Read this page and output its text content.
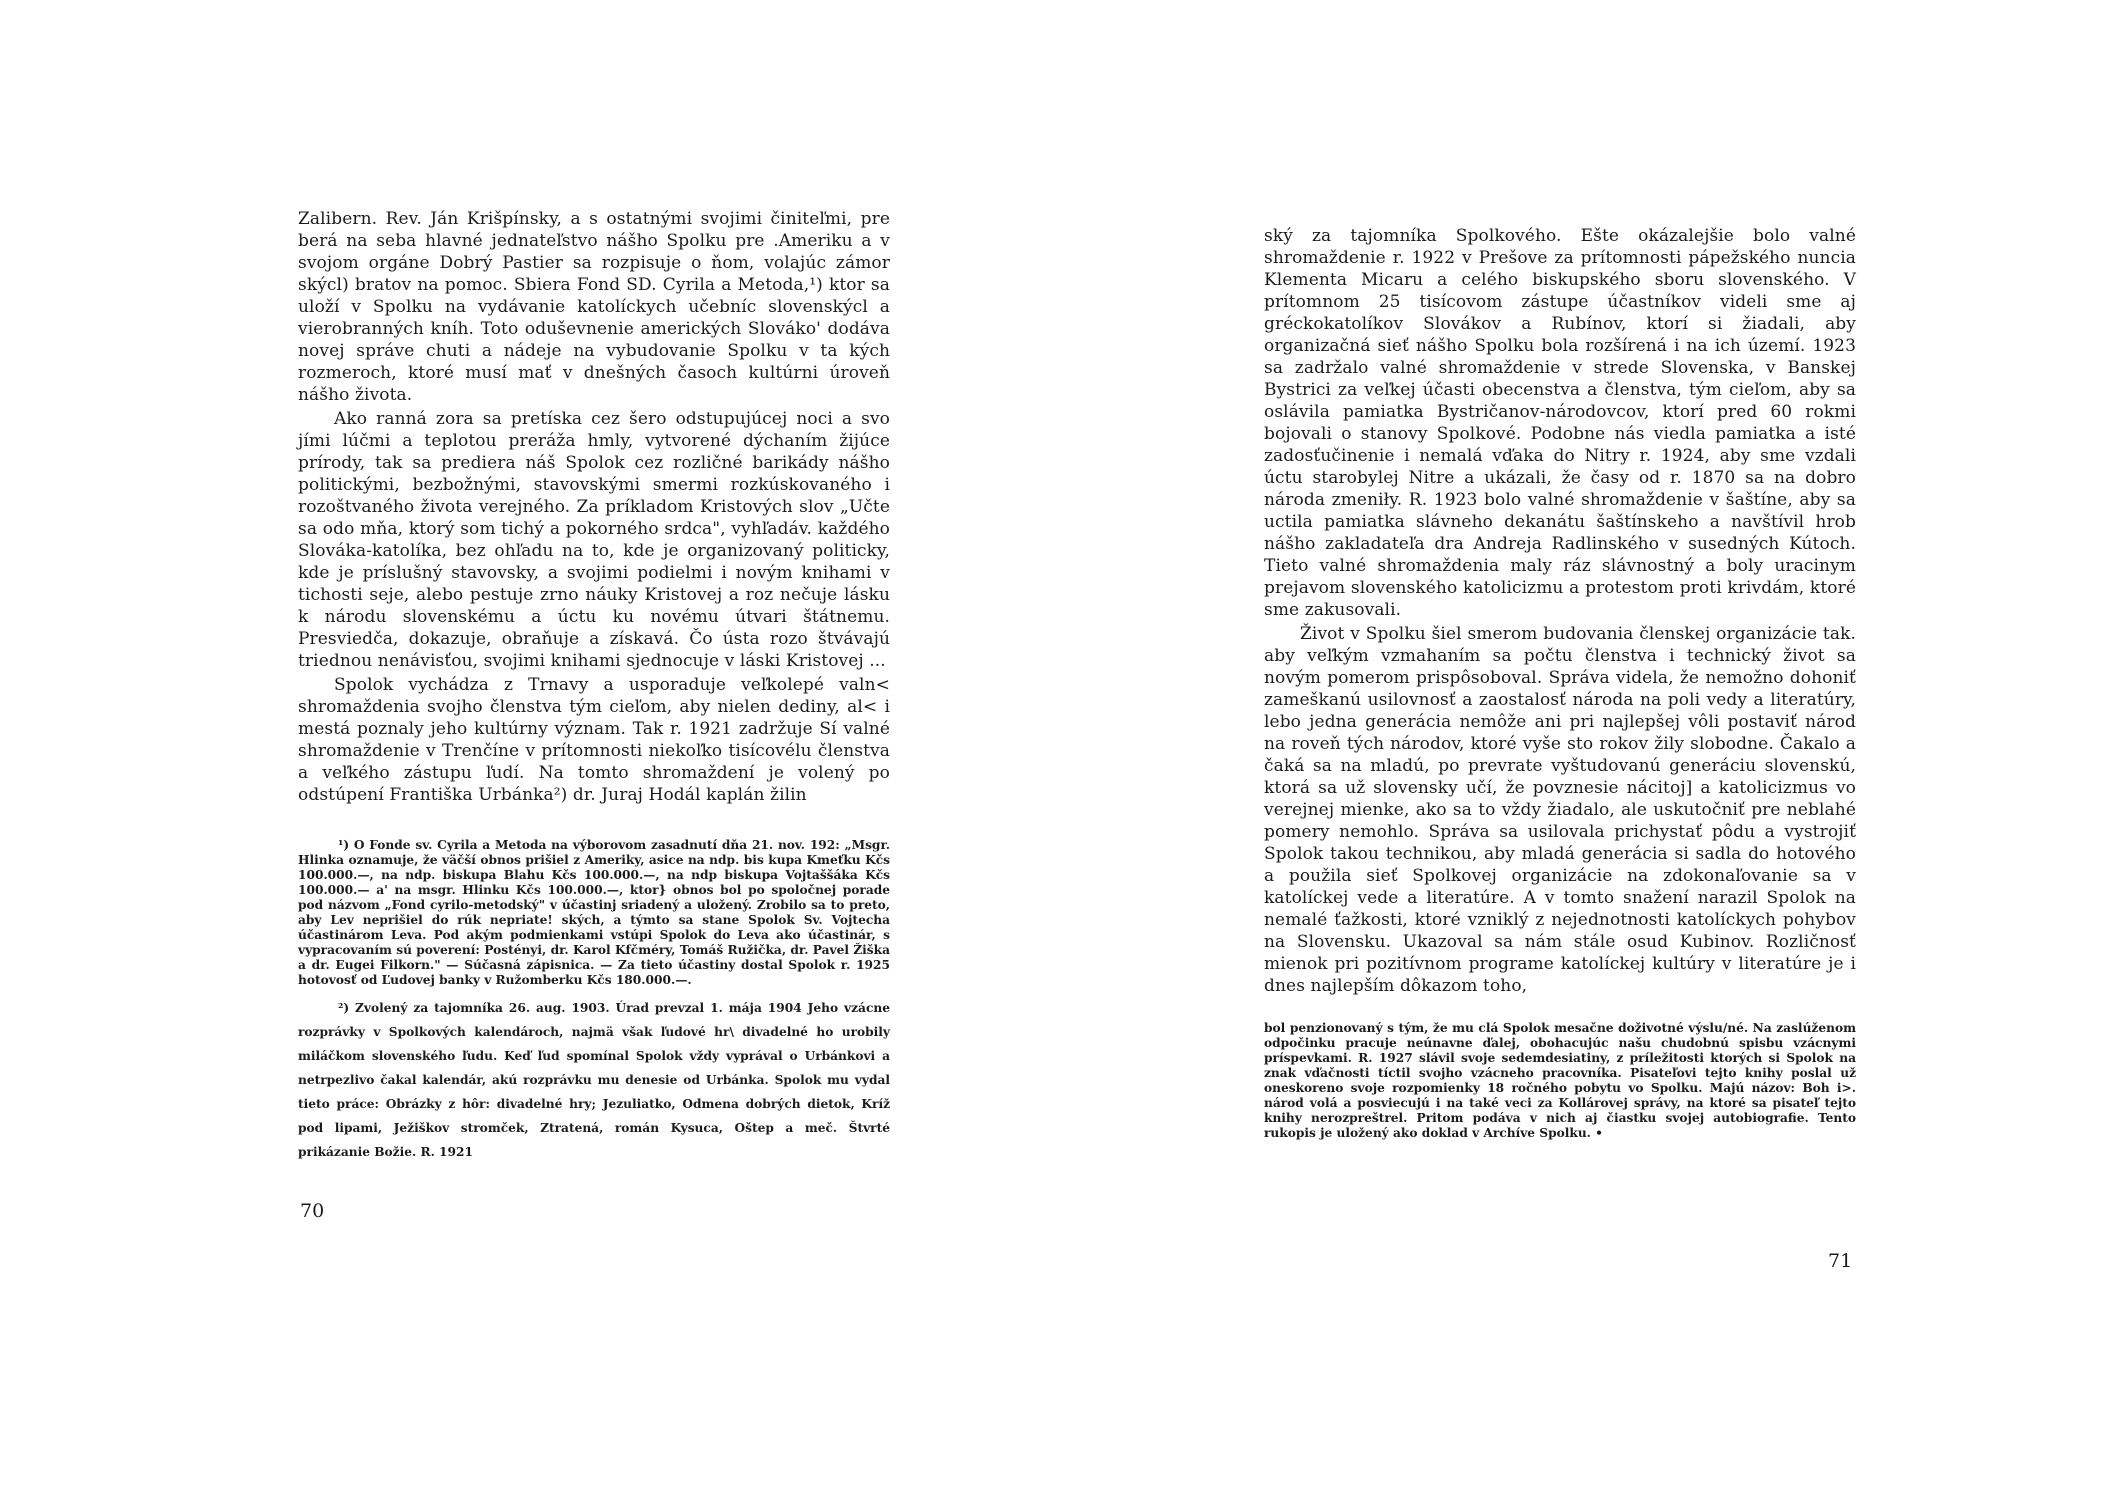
Zalibern. Rev. Ján Krišpínsky, a s ostatnými svojimi činiteľmi, pre berá na seba hlavné jednateľstvo nášho Spolku pre .Ameriku a v svojom orgáne Dobrý Pastier sa rozpisuje o ňom, volajúc zámor skýcl) bratov na pomoc. Sbiera Fond SD. Cyrila a Metoda,¹) ktor sa uloží v Spolku na vydávanie katolíckych učebníc slovenskýcl a vierobranných kníh. Toto oduševnenie amerických Slováko' dodáva novej správe chuti a nádeje na vybudovanie Spolku v ta kých rozmeroch, ktoré musí mať v dnešných časoch kultúrni úroveň nášho života.

Ako ranná zora sa pretíska cez šero odstupujúcej noci a svo jími lúčmi a teplotou preráža hmly, vytvorené dýchaním žijúce prírody, tak sa prediera náš Spolok cez rozličné barikády nášho politickými, bezbožnými, stavovskými smermi rozkúskovaného i rozoštvaného života verejného. Za príkladom Kristových slov „Učte sa odo mňa, ktorý som tichý a pokorného srdca", vyhľadáv. každého Slováka-katolíka, bez ohľadu na to, kde je organizovaný politicky, kde je príslušný stavovsky, a svojimi podielmi i novým knihami v tichosti seje, alebo pestuje zrno náuky Kristovej a roz nečuje lásku k národu slovenskému a úctu ku novému útvari štátnemu. Presviedča, dokazuje, obraňuje a získavá. Čo ústa rozo štvávajú triednou nenávisťou, svojimi knihami sjednocuje v láski Kristovej ...

Spolok vychádza z Trnavy a usporaduje veľkolepé valn< shromaždenia svojho členstva tým cieľom, aby nielen dediny, al< i mestá poznaly jeho kultúrny význam. Tak r. 1921 zadržuje Sí valné shromaždenie v Trenčíne v prítomnosti niekoľko tisícovélu členstva a veľkého zástupu ľudí. Na tomto shromaždení je volený po odstúpení Františka Urbánka²) dr. Juraj Hodál kaplán žilin

¹) O Fonde sv. Cyrila a Metoda na výborovom zasadnutí dňa 21. nov. 192: „Msgr. Hlinka oznamuje, že väčší obnos prišiel z Ameriky, asice na ndp. bis kupa Kmeťku Kčs 100.000.—, na ndp. biskupa Blahu Kčs 100.000.—, na ndp biskupa Vojtaššáka Kčs 100.000.— a' na msgr. Hlinku Kčs 100.000.—, ktor} obnos bol po spoločnej porade pod názvom „Fond cyrilo-metodský" v účastinj sriadený a uložený. Zrobilo sa to preto, aby Lev neprišiel do rúk nepriate! ských, a týmto sa stane Spolok Sv. Vojtecha účastinárom Leva. Pod akým podmienkami vstúpi Spolok do Leva ako účastinár, s vypracovaním sú poverení: Postényi, dr. Karol Kfčméry, Tomáš Ružička, dr. Pavel Žiška a dr. Eugei Filkorn." — Súčasná zápisnica. — Za tieto účastiny dostal Spolok r. 1925 hotovosť od Ľudovej banky v Ružomberku Kčs 180.000.—.

²) Zvolený za tajomníka 26. aug. 1903. Úrad prevzal 1. mája 1904 Jeho vzácne rozprávky v Spolkových kalendároch, najmä však ľudové hr\ divadelné ho urobily miláčkom slovenského ľudu. Keď ľud spomínal Spolok vždy vyprával o Urbánkovi a netrpezlivo čakal kalendár, akú rozprávku mu denesie od Urbánka. Spolok mu vydal tieto práce: Obrázky z hôr: divadelné hry; Jezuliatko, Odmena dobrých dietok, Kríž pod lipami, Ježiškov stromček, Ztratená, román Kysuca, Oštep a meč. Štvrté prikázanie Božie. R. 1921

70

ský za tajomníka Spolkového. Ešte okázalejšie bolo valné shromaždenie r. 1922 v Prešove za prítomnosti pápežského nuncia Klementa Micaru a celého biskupského sboru slovenského. V prítomnom 25 tisícovom zástupe účastníkov videli sme aj gréckokatolíkov Slovákov a Rubínov, ktorí si žiadali, aby organizačná sieť nášho Spolku bola rozšírená i na ich území. 1923 sa zadržalo valné shromaždenie v strede Slovenska, v Banskej Bystrici za veľkej účasti obecenstva a členstva, tým cieľom, aby sa oslávila pamiatka Bystričanov-národovcov, ktorí pred 60 rokmi bojovali o stanovy Spolkové. Podobne nás viedla pamiatka a isté zadosťučinenie i nemalá vďaka do Nitry r. 1924, aby sme vzdali úctu starobylej Nitre a ukázali, že časy od r. 1870 sa na dobro národa zmeniły. R. 1923 bolo valné shromaždenie v šaštíne, aby sa uctila pamiatka slávneho dekanátu šaštínskeho a navštívil hrob nášho zakladateľa dra Andreja Radlinského v susedných Kútoch. Tieto valné shromaždenia maly ráz slávnostný a boly uracinym prejavom slovenského katolicizmu a protestom proti krivdám, ktoré sme zakusovali.

Život v Spolku šiel smerom budovania členskej organizácie tak. aby veľkým vzmahaním sa počtu členstva i technický život sa novým pomerom prispôsoboval. Správa videla, že nemožno dohoniť zameškanú usilovnosť a zaostalosť národa na poli vedy a literatúry, lebo jedna generácia nemôže ani pri najlepšej vôli postaviť národ na roveň tých národov, ktoré vyše sto rokov žily slobodne. Čakalo a čaká sa na mladú, po prevrate vyštudovanú generáciu slovenskú, ktorá sa už slovensky učí, že povznesie nácitoj] a katolicizmus vo verejnej mienke, ako sa to vždy žiadalo, ale uskutočniť pre neblahé pomery nemohlo. Správa sa usilovala prichystať pôdu a vystrojiť Spolok takou technikou, aby mladá generácia si sadla do hotového a použila sieť Spolkovej organizácie na zdokonaľovanie sa v katolíckej vede a literatúre. A v tomto snažení narazil Spolok na nemalé ťažkosti, ktoré vzniklý z nejednotnosti katolíckych pohybov na Slovensku. Ukazoval sa nám stále osud Kubinov. Rozličnosť mienok pri pozitívnom programe katolíckej kultúry v literatúre je i dnes najlepším dôkazom toho,

bol penzionovaný s tým, že mu clá Spolok mesačne doživotné výslu/né. Na zaslúženom odpočinku pracuje neúnavne ďalej, obohacujúc našu chudobnú spisbu vzácnymi príspevkami. R. 1927 slávil svoje sedemdesiatiny, z príležitosti ktorých si Spolok na znak vďačnosti tíctil svojho vzácneho pracovníka. Pisateľovi tejto knihy poslal už oneskoreno svoje rozpomienky 18 ročného pobytu vo Spolku. Majú názov: Boh i>. národ volá a posviecujú i na také veci za Kollárovej správy, na ktoré sa pisateľ tejto knihy nerozpreštrel. Pritom podáva v nich aj čiastku svojej autobiografie. Tento rukopis je uložený ako doklad v Archíve Spolku. •
71
